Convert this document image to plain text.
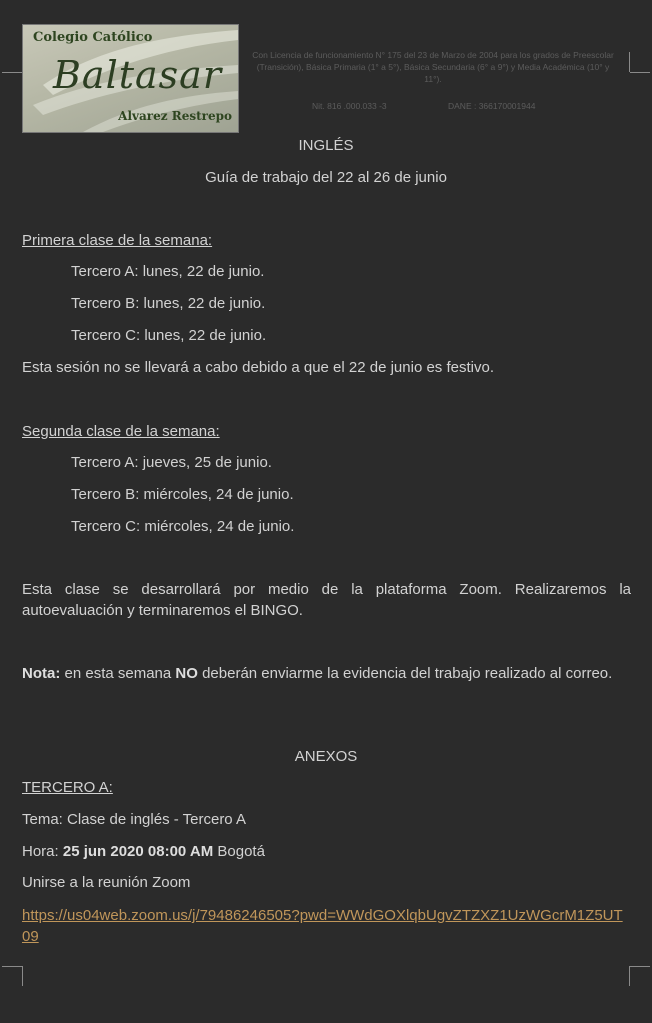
Colegio Católico
Baltasar
Alvarez Restrepo
Con Licencia de funcionamiento N° 175 del 23 de Marzo de 2004 para los grados de Preescolar (Transición), Básica Primaria (1° a 5°), Básica Secundaria (6° a 9°) y Media Académica (10° y 11°).
Nit. 816 .000.033 -3	DANE : 366170001944
INGLÉS
Guía de trabajo del 22 al 26 de junio
Primera clase de la semana:
Tercero A: lunes, 22 de junio.
Tercero B: lunes, 22 de junio.
Tercero C: lunes, 22 de junio.
Esta sesión no se llevará a cabo debido a que el 22 de junio es festivo.
Segunda clase de la semana:
Tercero A: jueves, 25 de junio.
Tercero B: miércoles, 24 de junio.
Tercero C: miércoles, 24 de junio.
Esta clase se desarrollará por medio de la plataforma Zoom. Realizaremos la autoevaluación y terminaremos el BINGO.
Nota: en esta semana NO deberán enviarme la evidencia del trabajo realizado al correo.
ANEXOS
TERCERO A:
Tema: Clase de inglés - Tercero A
Hora: 25 jun 2020 08:00 AM Bogotá
Unirse a la reunión Zoom
https://us04web.zoom.us/j/79486246505?pwd=WWdGOXlqbUgvZTZXZ1UzWGcrM1Z5UT09
